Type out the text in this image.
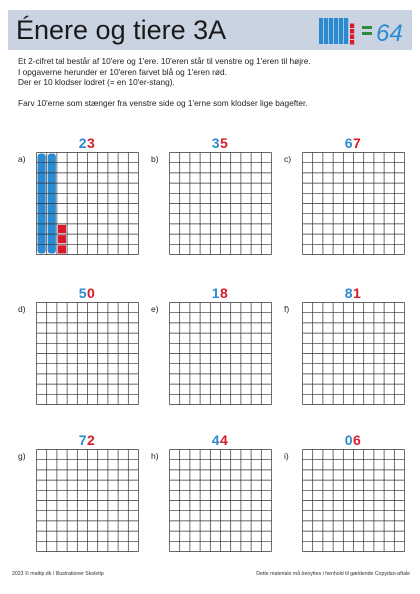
Énere og tiere 3A	64

Et 2-cifret tal består af 10'ere og 1'ere. 10'eren står til venstre og 1'eren til højre.

I opgaverne herunder er 10'eren farvet blå og 1'eren rød.

Der er 10 klodser lodret (= en 10'er-stang).

Farv 10'erne som stænger fra venstre side og 1'erne som klodser lige bagefter.

23
a)
35
b)
67
c)
50
d)
18
e)
81
f)
72
g)
44
h)
06
i)
2023 © mattip.dk / Illustrationer Skoletip	Dette materiale må benyttes i henhold til gældende Copydan-aftale
